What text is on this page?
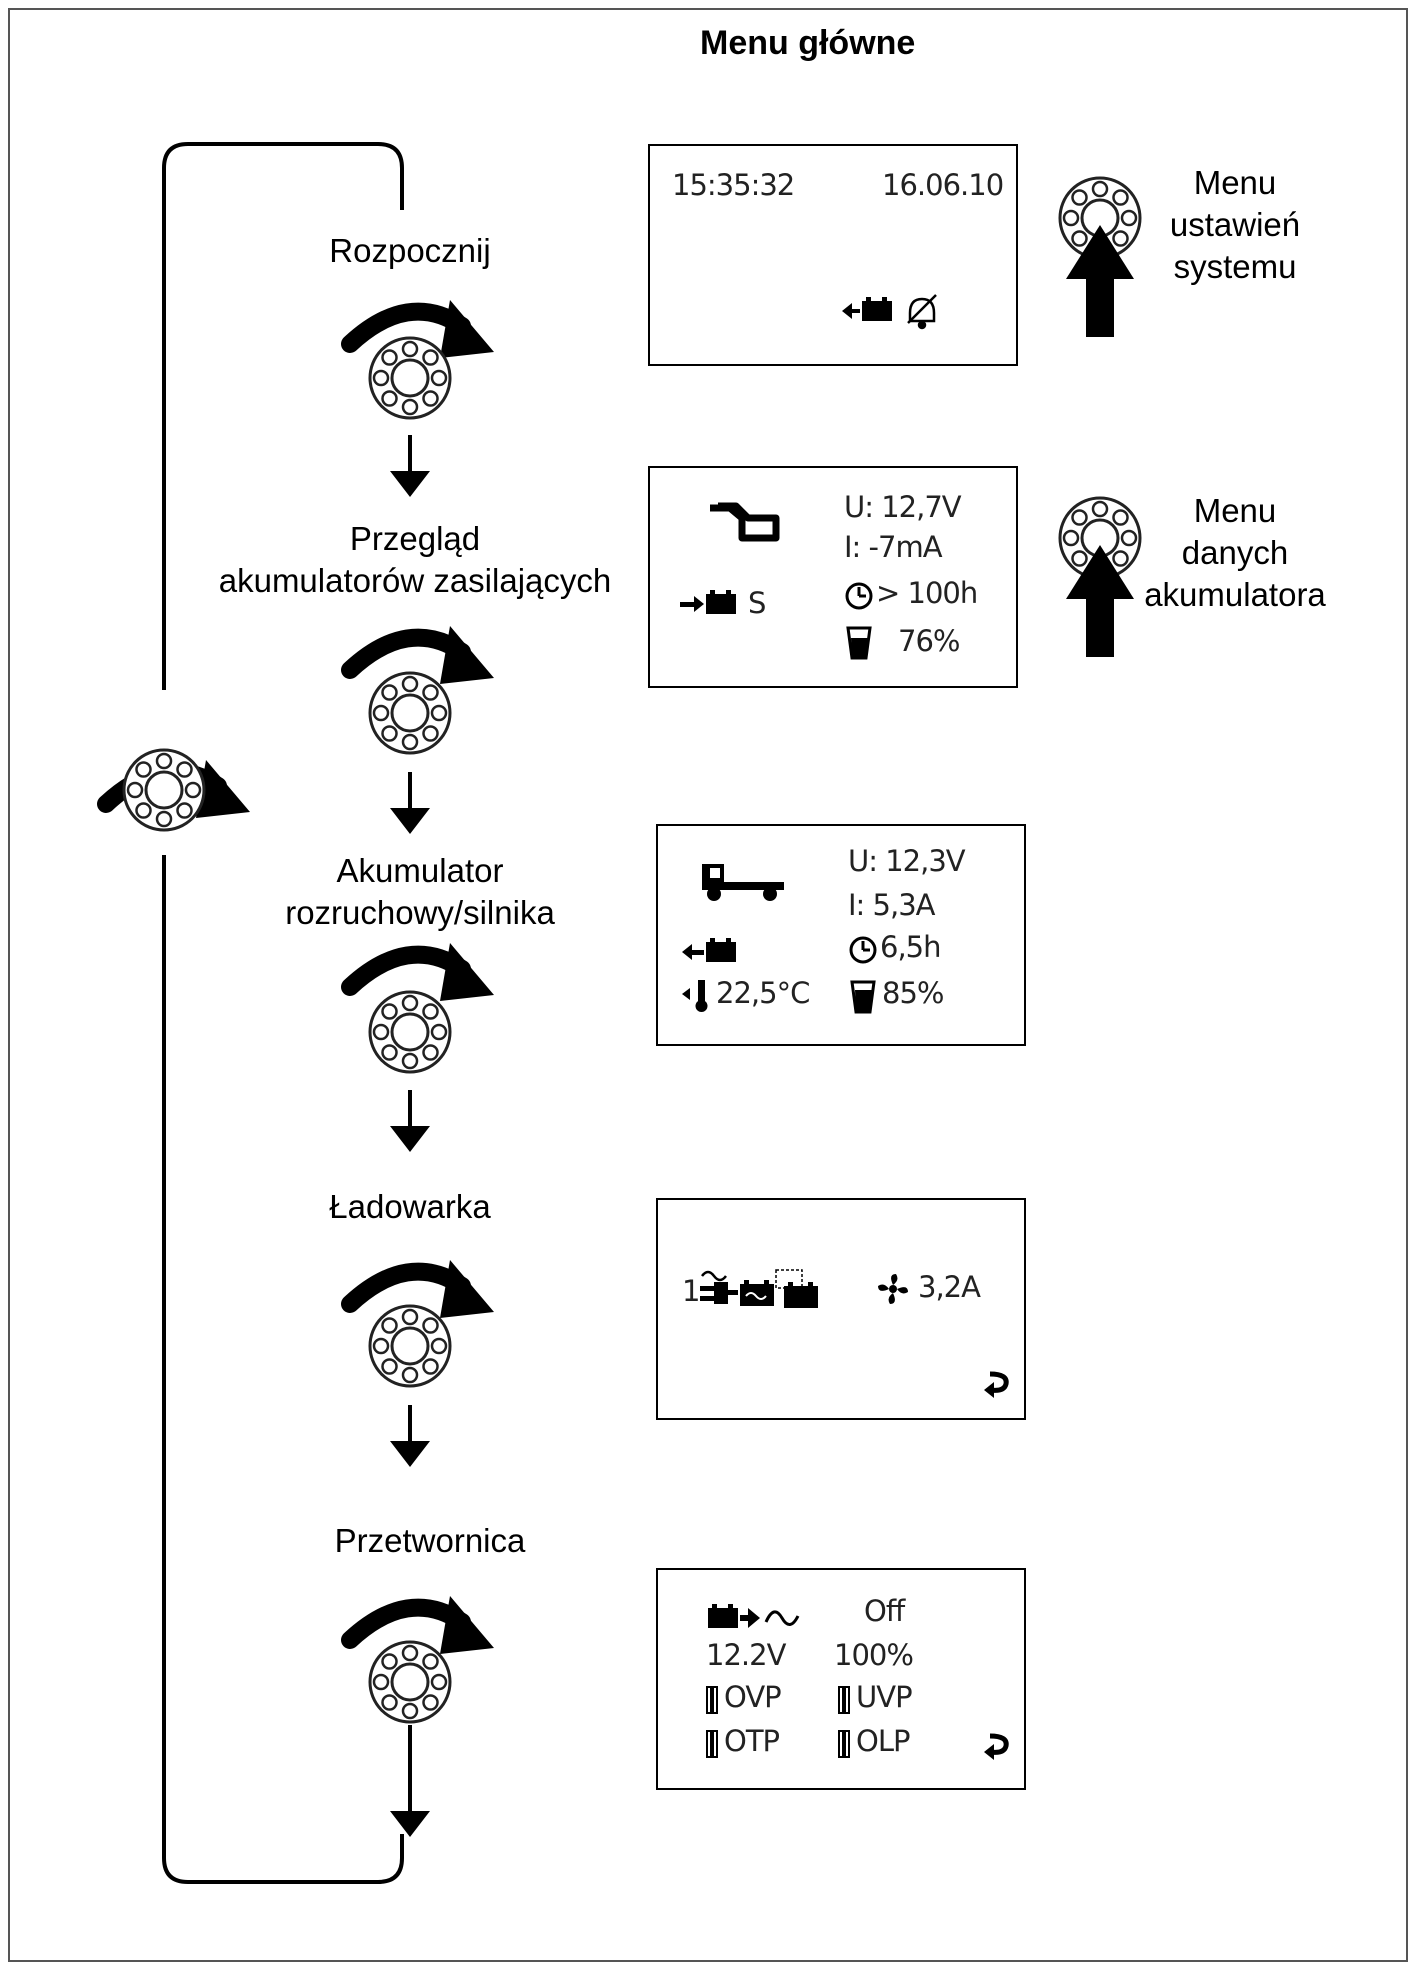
Menu główne
Rozpocznij
Przegląd
akumulatorów zasilających
Akumulator
rozruchowy/silnika
Ładowarka
Przetwornica
Menu
ustawień
systemu
Menu
danych
akumulatora
15:35:32	16.06.10
S
U: 12,7V
I: -7mA
> 100h
76%
22,5°C
U: 12,3V
I: 5,3A
6,5h
85%
1	3,2A
Off
12.2V 100%
OVP	UVP
OTP	OLP
